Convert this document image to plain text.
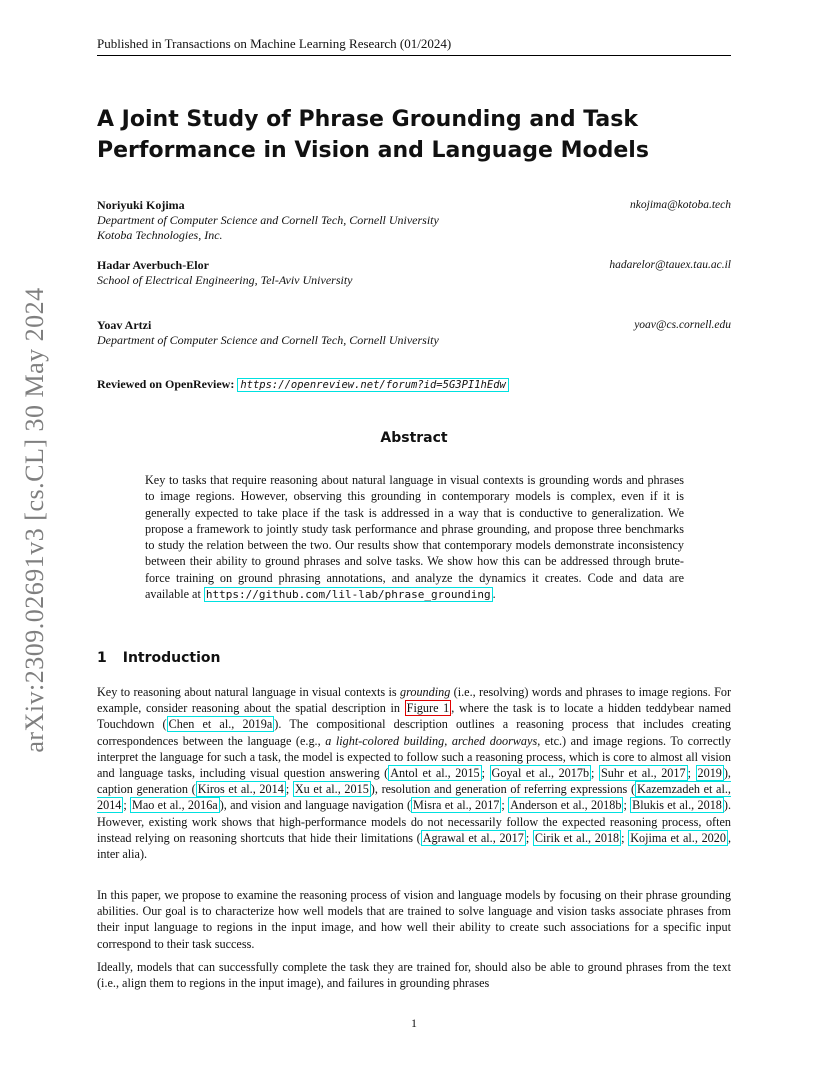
arXiv:2309.02691v3 [cs.CL] 30 May 2024
Published in Transactions on Machine Learning Research (01/2024)
A Joint Study of Phrase Grounding and Task Performance in Vision and Language Models
Noriyuki Kojima	nkojima@kotoba.tech
Department of Computer Science and Cornell Tech, Cornell University
Kotoba Technologies, Inc.
Hadar Averbuch-Elor	hadarelor@tauex.tau.ac.il
School of Electrical Engineering, Tel-Aviv University
Yoav Artzi	yoav@cs.cornell.edu
Department of Computer Science and Cornell Tech, Cornell University
Reviewed on OpenReview: https://openreview.net/forum?id=5G3PI1hEdw
Abstract
Key to tasks that require reasoning about natural language in visual contexts is grounding words and phrases to image regions. However, observing this grounding in contemporary models is complex, even if it is generally expected to take place if the task is addressed in a way that is conductive to generalization. We propose a framework to jointly study task performance and phrase grounding, and propose three benchmarks to study the relation between the two. Our results show that contemporary models demonstrate inconsistency between their ability to ground phrases and solve tasks. We show how this can be addressed through brute-force training on ground phrasing annotations, and analyze the dynamics it creates. Code and data are available at https://github.com/lil-lab/phrase_grounding .
1 Introduction
Key to reasoning about natural language in visual contexts is grounding (i.e., resolving) words and phrases to image regions. For example, consider reasoning about the spatial description in Figure 1 , where the task is to locate a hidden teddybear named Touchdown ( Chen et al., 2019a ). The compositional description outlines a reasoning process that includes creating correspondences between the language (e.g., a light-colored building, arched doorways, etc.) and image regions. To correctly interpret the language for such a task, the model is expected to follow such a reasoning process, which is core to almost all vision and language tasks, including visual question answering ( Antol et al., 2015 ; Goyal et al., 2017b ; Suhr et al., 2017 ; 2019 ), caption generation ( Kiros et al., 2014 ; Xu et al., 2015 ), resolution and generation of referring expressions ( Kazemzadeh et al., 2014 ; Mao et al., 2016a ), and vision and language navigation ( Misra et al., 2017 ; Anderson et al., 2018b ; Blukis et al., 2018 ). However, existing work shows that high-performance models do not necessarily follow the expected reasoning process, often instead relying on reasoning shortcuts that hide their limitations ( Agrawal et al., 2017 ; Cirik et al., 2018 ; Kojima et al., 2020 , inter alia).
In this paper, we propose to examine the reasoning process of vision and language models by focusing on their phrase grounding abilities. Our goal is to characterize how well models that are trained to solve language and vision tasks associate phrases from their input language to regions in the input image, and how well their ability to create such associations for a specific input correspond to their task success.
Ideally, models that can successfully complete the task they are trained for, should also be able to ground phrases from the text (i.e., align them to regions in the input image), and failures in grounding phrases
1
